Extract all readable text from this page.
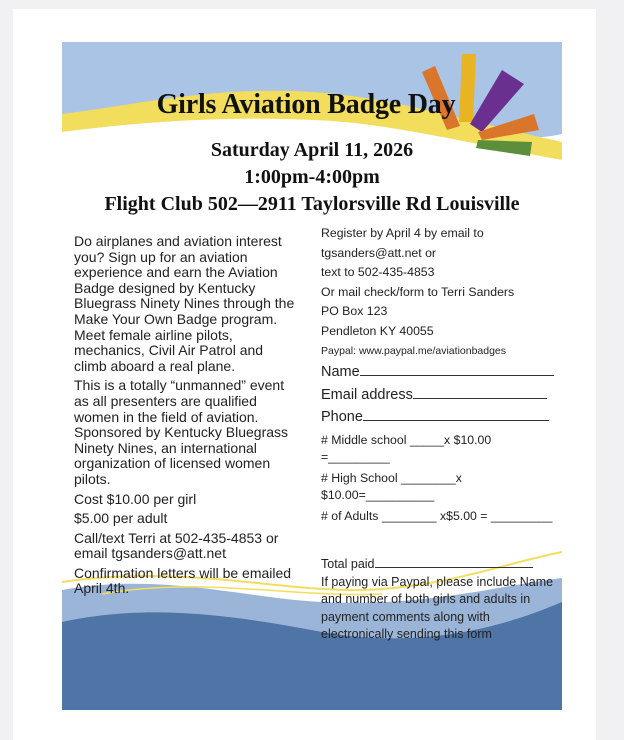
Girls Aviation Badge Day

Saturday April 11, 2026

1:00pm-4:00pm

Flight Club 502—2911 Taylorsville Rd Louisville

Do airplanes and aviation interest you? Sign up for an aviation experience and earn the Aviation Badge designed by Kentucky Bluegrass Ninety Nines through the Make Your Own Badge program. Meet female airline pilots, mechanics, Civil Air Patrol and climb aboard a real plane.

This is a totally “unmanned” event as all presenters are qualified women in the field of aviation. Sponsored by Kentucky Bluegrass Ninety Nines, an international organization of licensed women pilots.

Cost $10.00 per girl

$5.00 per adult

Call/text Terri at 502-435-4853 or email tgsanders@att.net

Confirmation letters will be emailed April 4th.

Register by April 4 by email to

tgsanders@att.net or

text to 502-435-4853

Or mail check/form to Terri Sanders

PO Box 123

Pendleton KY 40055

Paypal: www.paypal.me/aviationbadges

Name
Email address
Phone

# Middle school _____x $10.00 =_________

# High School ________x $10.00=__________

# of Adults ________ x$5.00 = _________

Total paid

If paying via Paypal, please include Name and number of both girls and adults in payment comments along with electronically sending this form
